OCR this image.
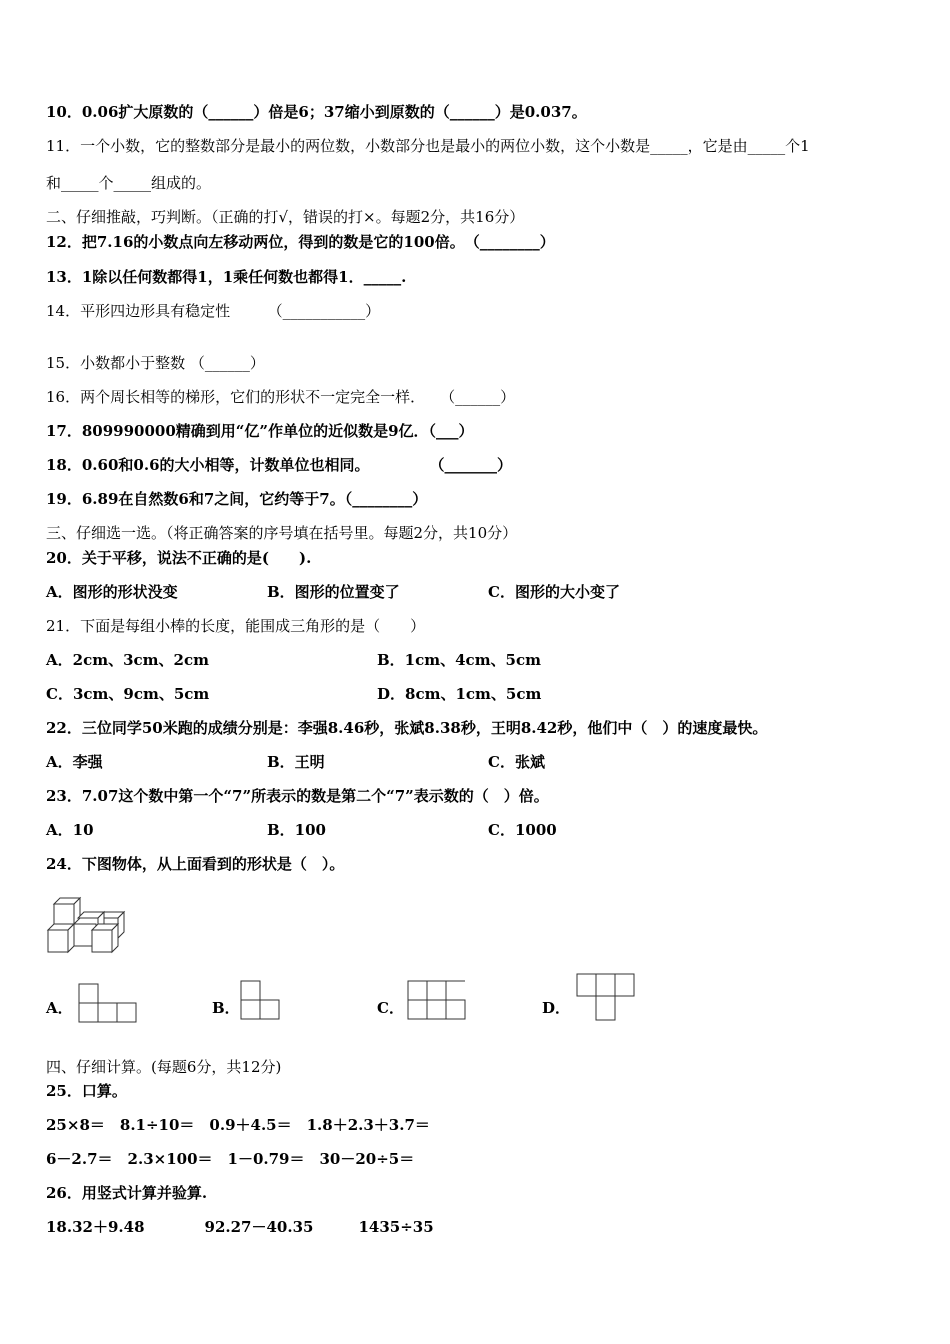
10．0.06扩大原数的（______）倍是6；37缩小到原数的（______）是0.037。
11．一个小数，它的整数部分是最小的两位数，小数部分也是最小的两位小数，这个小数是_____，它是由_____个1
和_____个_____组成的。
二、仔细推敲，巧判断。（正确的打√，错误的打×。每题2分，共16分）
12．把7.16的小数点向左移动两位，得到的数是它的100倍。　（________）
13．1除以任何数都得1，1乘任何数也都得1．_____.
14．平形四边形具有稳定性　　　（___________）
15．小数都小于整数 （______）
16．两个周长相等的梯形，它们的形状不一定完全一样．　　（______）
17．809990000精确到用“亿”作单位的近似数是9亿．（___）
18．0.60和0.6的大小相等，计数单位也相同。　　　　　（_______）
19．6.89在自然数6和7之间，它约等于7。（________）
三、仔细选一选。（将正确答案的序号填在括号里。每题2分，共10分）
20．关于平移，说法不正确的是(　　).
A．图形的形状没变	B．图形的位置变了	C．图形的大小变了
21．下面是每组小棒的长度，能围成三角形的是（　　）
A．2cm、3cm、2cm	B．1cm、4cm、5cm
C．3cm、9cm、5cm	D．8cm、1cm、5cm
22．三位同学50米跑的成绩分别是：李强8.46秒，张斌8.38秒，王明8.42秒，他们中（　）的速度最快。
A．李强	B．王明	C．张斌
23．7.07这个数中第一个“7”所表示的数是第二个“7”表示数的（　）倍。
A．10	B．100	C．1000
24．下图物体，从上面看到的形状是（　）。
A．	B．	C．	D．
四、仔细计算。(每题6分，共12分)
25．口算。
25×8＝　8.1÷10＝　0.9＋4.5＝　1.8＋2.3＋3.7＝
6－2.7＝　2.3×100＝　1－0.79＝　30－20÷5＝
26．用竖式计算并验算.
18.32＋9.48　　　　92.27－40.35　　　1435÷35
